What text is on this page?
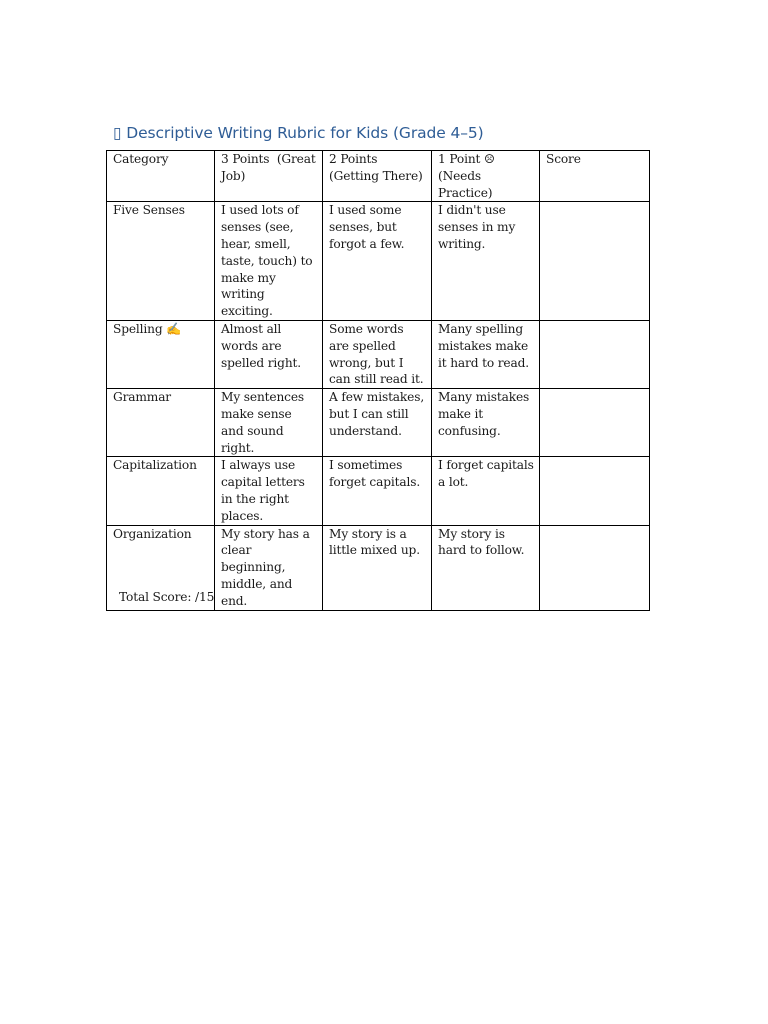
▯ Descriptive Writing Rubric for Kids (Grade 4–5)
Category	3 Points  (Great Job)	2 Points (Getting There)	1 Point ☹ (Needs Practice)	Score
Five Senses	I used lots of senses (see, hear, smell, taste, touch) to make my writing exciting.	I used some senses, but forgot a few.	I didn't use senses in my writing.	
Spelling ✍	Almost all words are spelled right.	Some words are spelled wrong, but I can still read it.	Many spelling mistakes make it hard to read.	
Grammar	My sentences make sense and sound right.	A few mistakes, but I can still understand.	Many mistakes make it confusing.	
Capitalization	I always use capital letters in the right places.	I sometimes forget capitals.	I forget capitals a lot.	
Organization	My story has a clear beginning, middle, and end.	My story is a little mixed up.	My story is hard to follow.	
Total Score: /15
